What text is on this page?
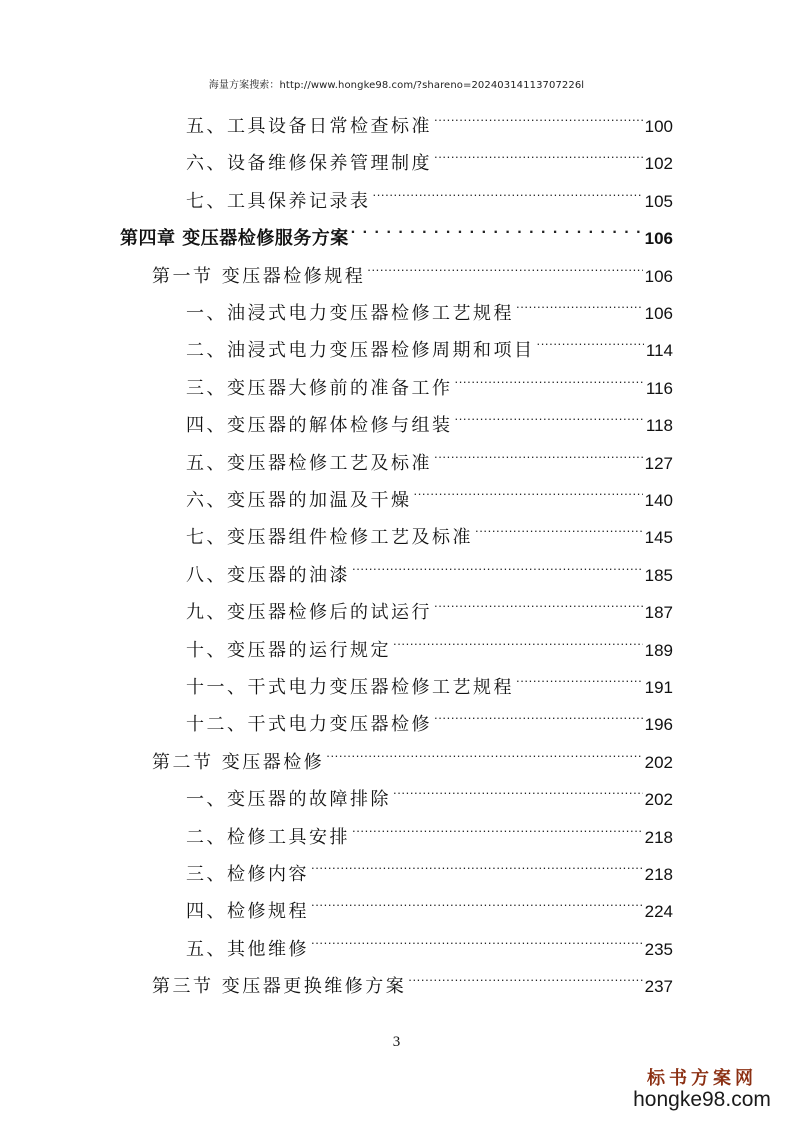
海量方案搜索：http://www.hongke98.com/?shareno=20240314113707226l
五、工具设备日常检查标准 .....	100
六、设备维修保养管理制度 .....	102
七、工具保养记录表 .....	105
第四章 变压器检修服务方案 . . .	106
第一节 变压器检修规程 .....	106
一、油浸式电力变压器检修工艺规程 .....	106
二、油浸式电力变压器检修周期和项目 .....	114
三、变压器大修前的准备工作 .....	116
四、变压器的解体检修与组装 .....	118
五、变压器检修工艺及标准 .....	127
六、变压器的加温及干燥 .....	140
七、变压器组件检修工艺及标准 .....	145
八、变压器的油漆 .....	185
九、变压器检修后的试运行 .....	187
十、变压器的运行规定 .....	189
十一、干式电力变压器检修工艺规程 .....	191
十二、干式电力变压器检修 .....	196
第二节 变压器检修 .....	202
一、变压器的故障排除 .....	202
二、检修工具安排 .....	218
三、检修内容 .....	218
四、检修规程 .....	224
五、其他维修 .....	235
第三节 变压器更换维修方案 .....	237
3
标书方案网
hongke98.com
